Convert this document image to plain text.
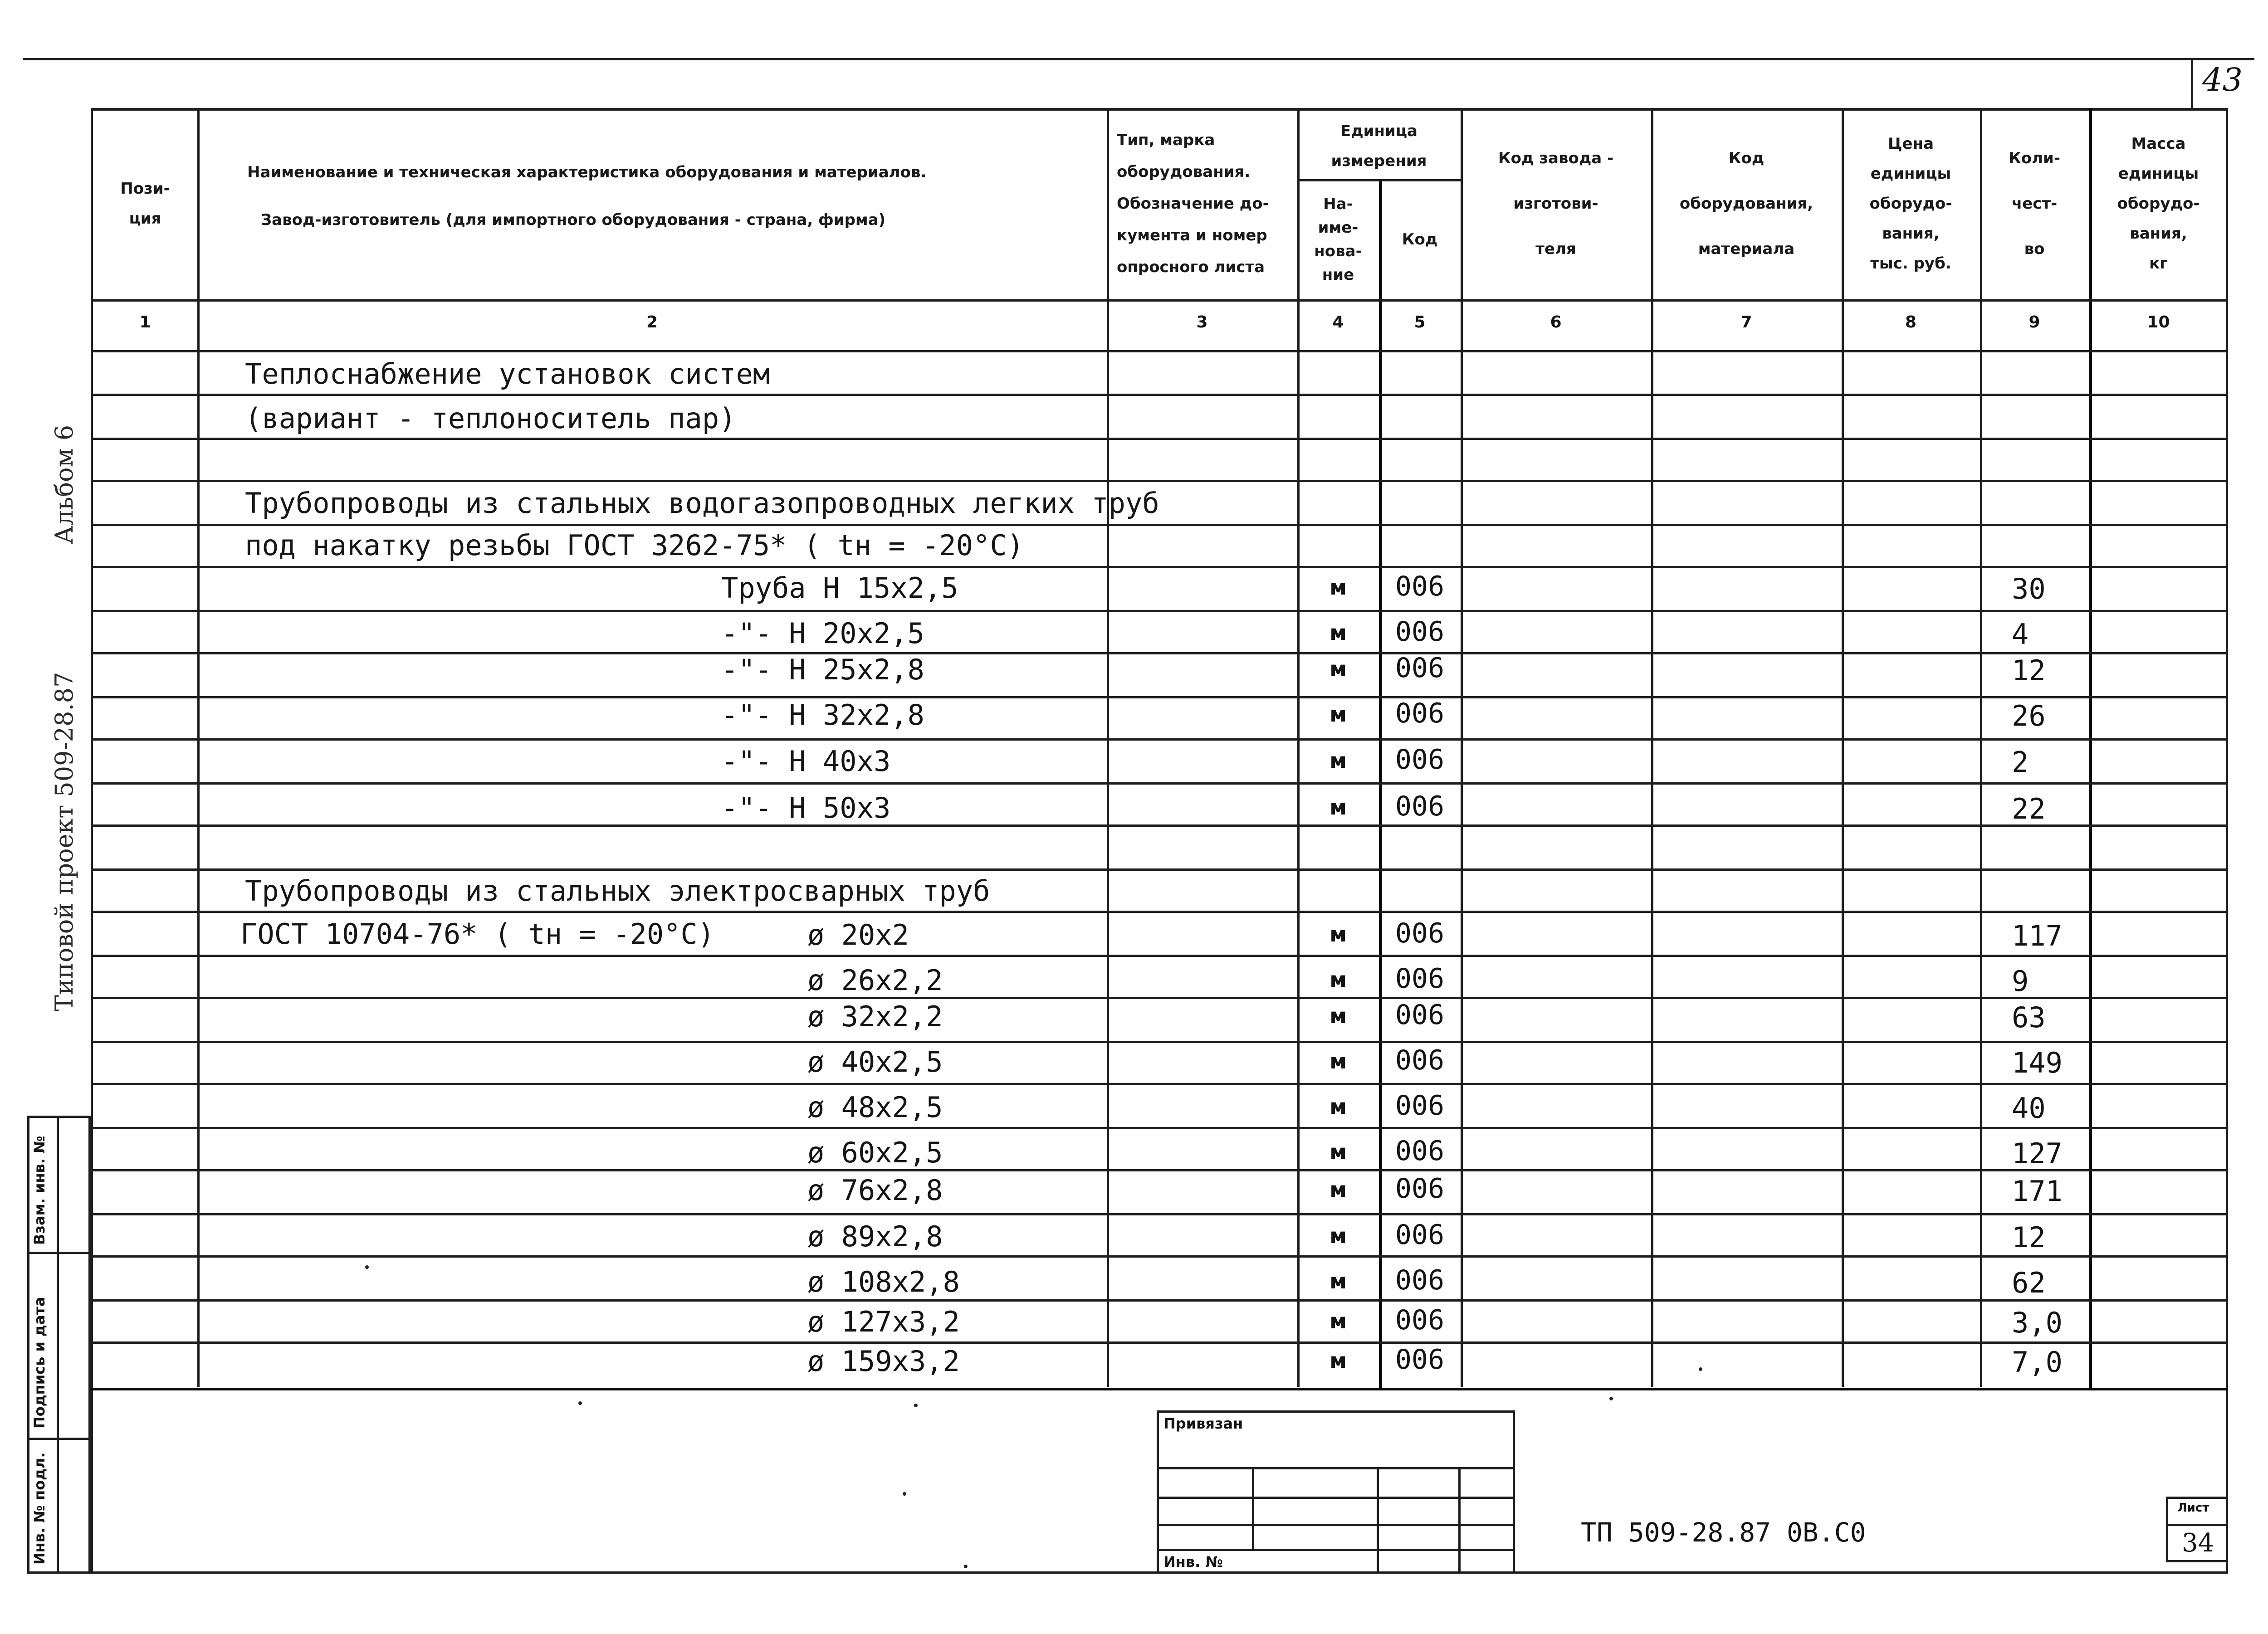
43
Альбом 6
Типовой проект 509-28.87
Взам. инв. №
Подпись и дата
Инв. № подл.
Пози-
ция
Наименование и техническая характеристика оборудования и материалов.
Завод-изготовитель (для импортного оборудования - страна, фирма)
Тип, марка
оборудования.
Обозначение до-
кумента и номер
опросного листа
Единица
измерения
На-
име-
нова-
ние
Код
Код завода -
изготови-
теля
Код
оборудования,
материала
Цена
единицы
оборудо-
вания,
тыс. руб.
Коли-
чест-
во
Масса
единицы
оборудо-
вания,
кг
1	2	3	4	5	6	7	8	9	10
Теплоснабжение установок систем
(вариант - теплоноситель пар)
Трубопроводы из стальных водогазопроводных легких труб
под накатку резьбы ГОСТ 3262-75* ( tн = -20°С)
Трубопроводы из стальных электросварных труб
ГОСТ 10704-76* ( tн = -20°С)
Труба Н 15х2,5	м	006	30
-"- Н 20х2,5	м	006	4
-"- Н 25х2,8	м	006	12
-"- Н 32х2,8	м	006	26
-"- Н 40х3	м	006	2
-"- Н 50х3	м	006	22
ø 20х2	м	006	117
ø 26х2,2	м	006	9
ø 32х2,2	м	006	63
ø 40х2,5	м	006	149
ø 48х2,5	м	006	40
ø 60х2,5	м	006	127
ø 76х2,8	м	006	171
ø 89х2,8	м	006	12
ø 108х2,8	м	006	62
ø 127х3,2	м	006	3,0
ø 159х3,2	м	006	7,0
Привязан
Инв. №
ТП 509-28.87 0В.С0
Лист
34
